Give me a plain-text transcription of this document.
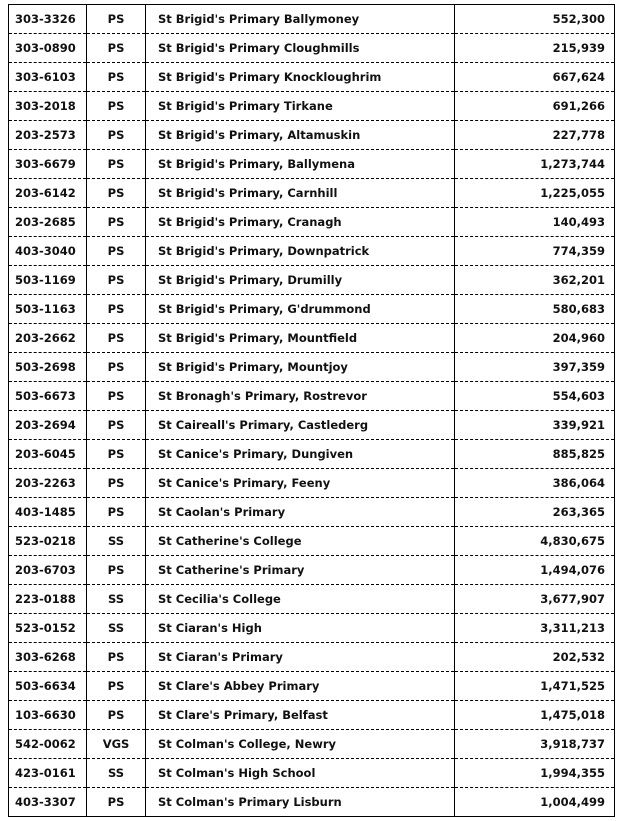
303-3326	PS	St Brigid's Primary Ballymoney	552,300
303-0890	PS	St Brigid's Primary Cloughmills	215,939
303-6103	PS	St Brigid's Primary Knockloughrim	667,624
303-2018	PS	St Brigid's Primary Tirkane	691,266
203-2573	PS	St Brigid's Primary, Altamuskin	227,778
303-6679	PS	St Brigid's Primary, Ballymena	1,273,744
203-6142	PS	St Brigid's Primary, Carnhill	1,225,055
203-2685	PS	St Brigid's Primary, Cranagh	140,493
403-3040	PS	St Brigid's Primary, Downpatrick	774,359
503-1169	PS	St Brigid's Primary, Drumilly	362,201
503-1163	PS	St Brigid's Primary, G'drummond	580,683
203-2662	PS	St Brigid's Primary, Mountfield	204,960
503-2698	PS	St Brigid's Primary, Mountjoy	397,359
503-6673	PS	St Bronagh's Primary, Rostrevor	554,603
203-2694	PS	St Caireall's Primary, Castlederg	339,921
203-6045	PS	St Canice's Primary, Dungiven	885,825
203-2263	PS	St Canice's Primary, Feeny	386,064
403-1485	PS	St Caolan's Primary	263,365
523-0218	SS	St Catherine's College	4,830,675
203-6703	PS	St Catherine's Primary	1,494,076
223-0188	SS	St Cecilia's College	3,677,907
523-0152	SS	St Ciaran's High	3,311,213
303-6268	PS	St Ciaran's Primary	202,532
503-6634	PS	St Clare's Abbey Primary	1,471,525
103-6630	PS	St Clare's Primary, Belfast	1,475,018
542-0062	VGS	St Colman's College, Newry	3,918,737
423-0161	SS	St Colman's High School	1,994,355
403-3307	PS	St Colman's Primary Lisburn	1,004,499
